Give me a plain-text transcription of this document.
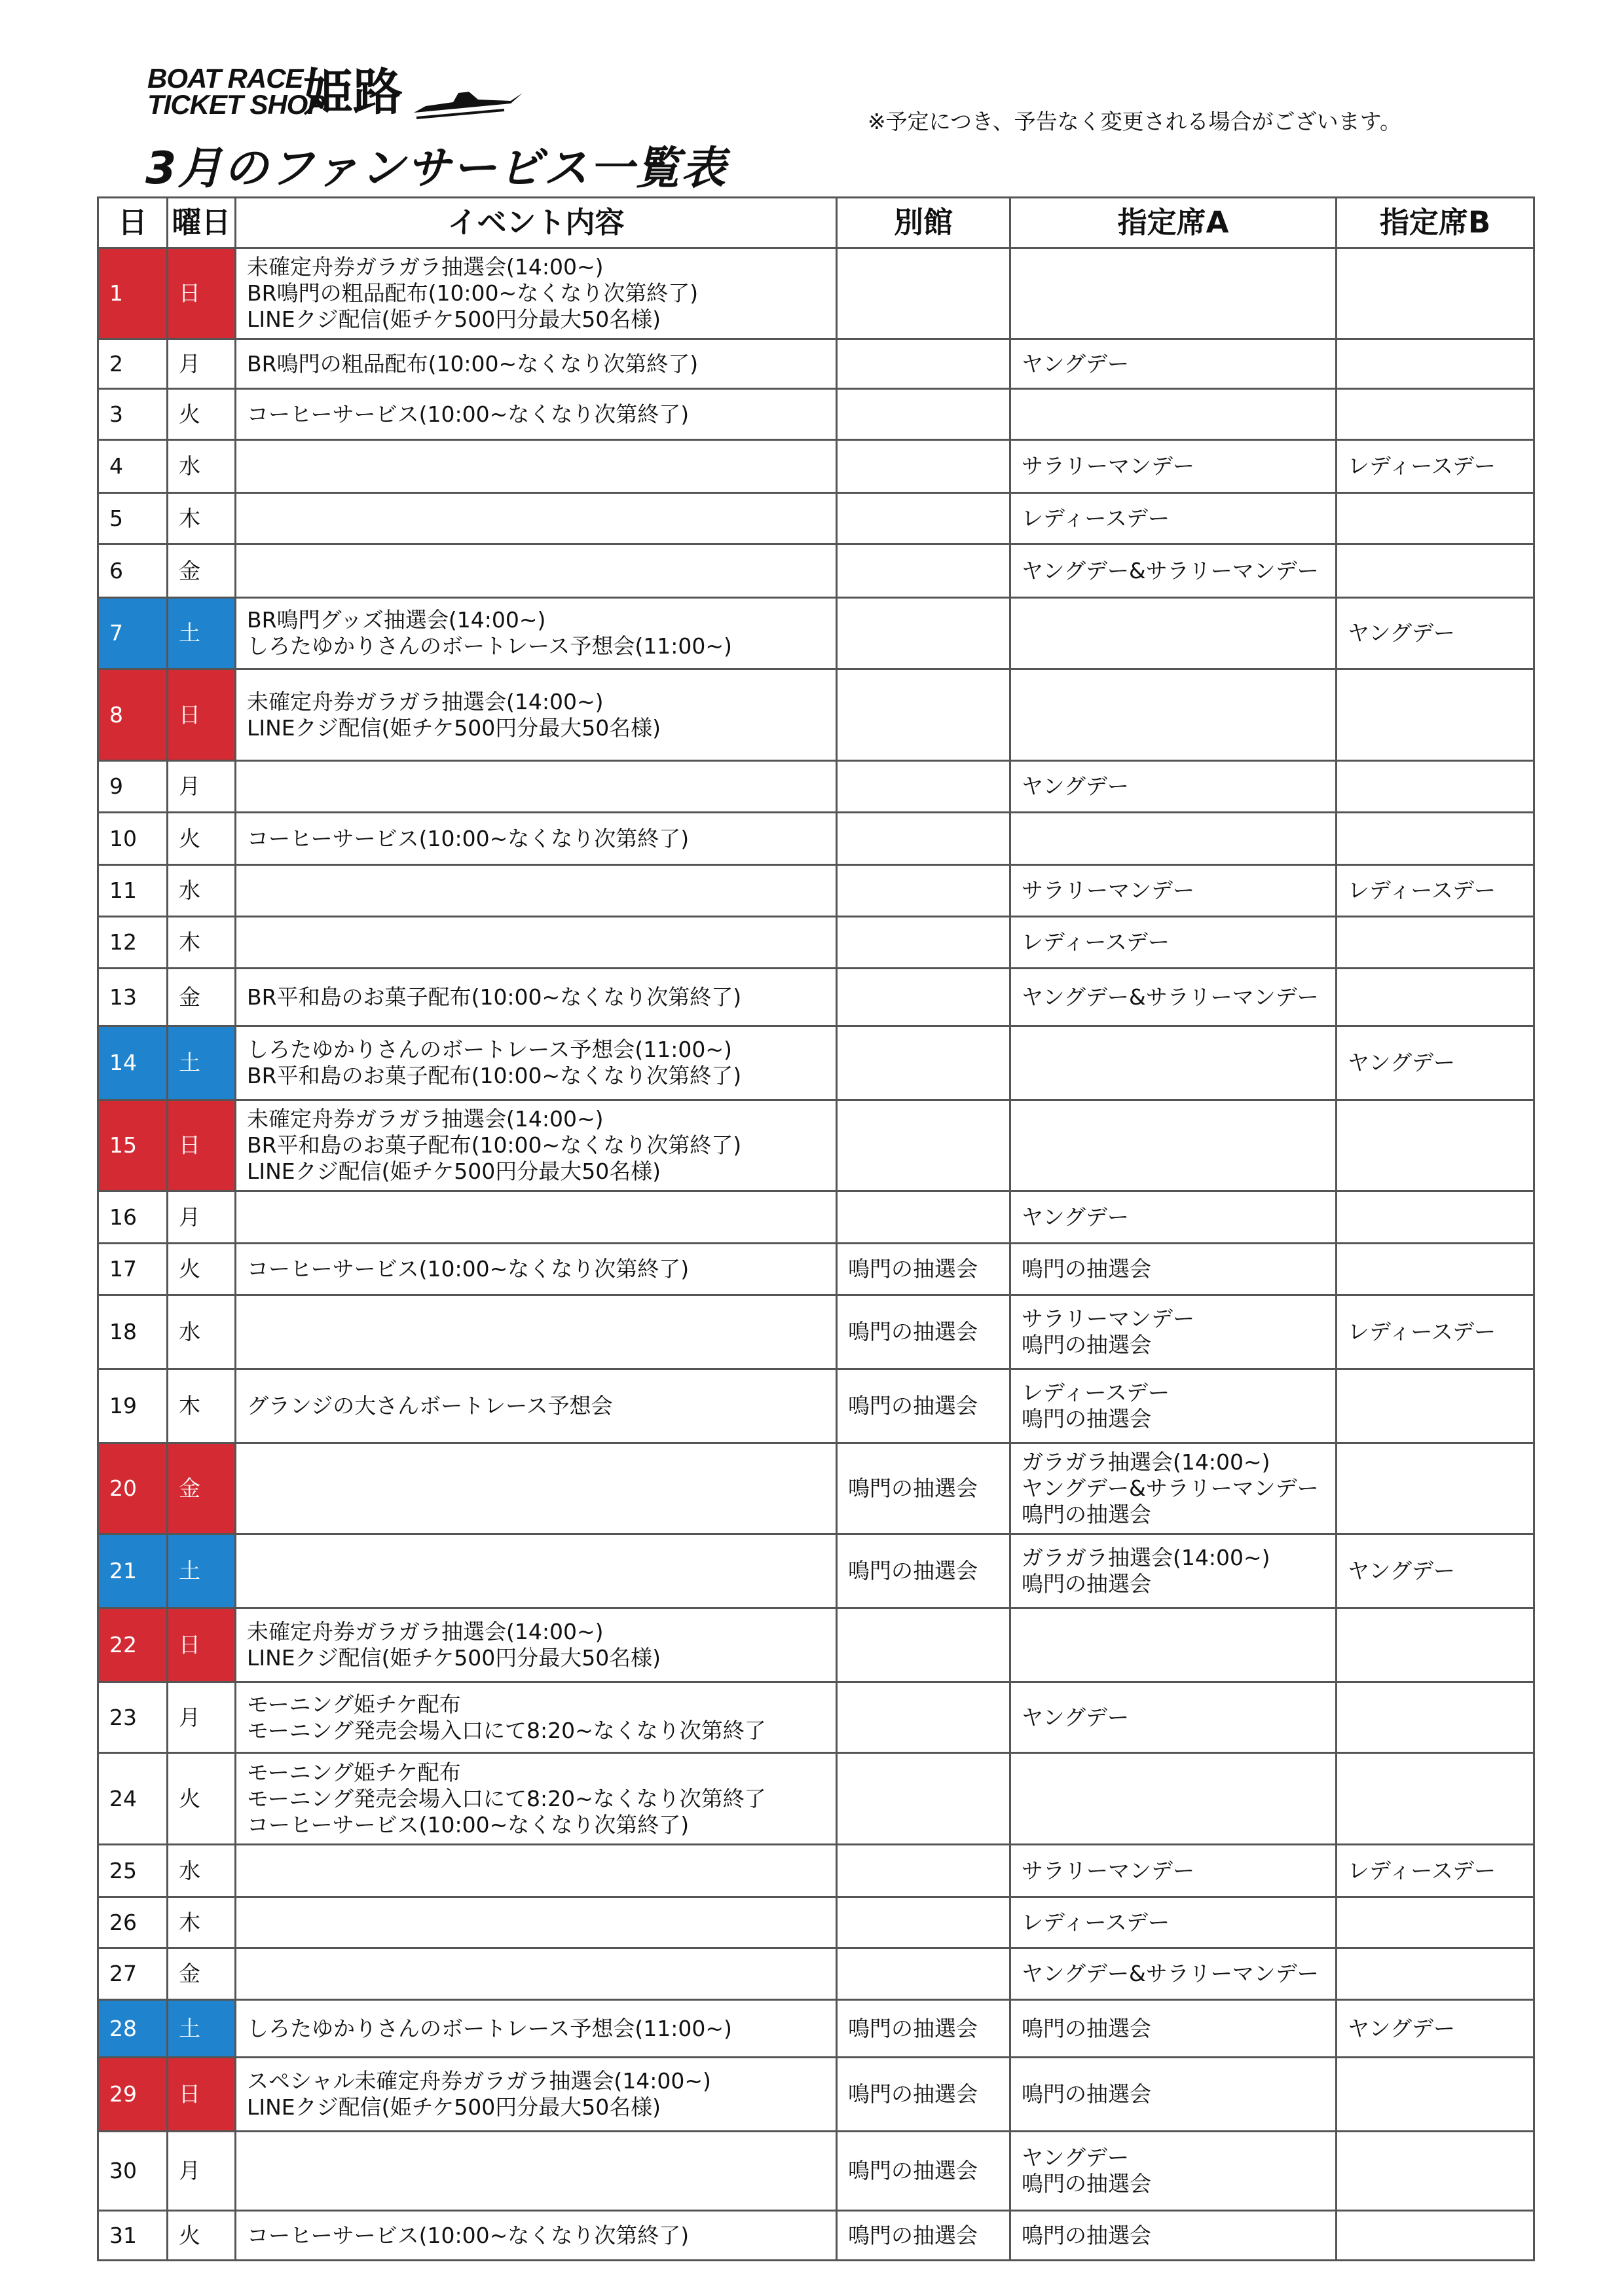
BOAT RACE
TICKET SHOP
姫路
※予定につき、予告なく変更される場合がございます。
3月のファンサービス一覧表
日	曜日	イベント内容	別館	指定席A	指定席B
1	日	未確定舟券ガラガラ抽選会(14:00~)
BR鳴門の粗品配布(10:00~なくなり次第終了)
LINEクジ配信(姫チケ500円分最大50名様)			

2	月	BR鳴門の粗品配布(10:00~なくなり次第終了)		ヤングデー	

3	火	コーヒーサービス(10:00~なくなり次第終了)			

4	水			サラリーマンデー	レディースデー

5	木			レディースデー	

6	金			ヤングデー&サラリーマンデー	

7	土	BR鳴門グッズ抽選会(14:00~)
しろたゆかりさんのボートレース予想会(11:00~)			ヤングデー

8	日	未確定舟券ガラガラ抽選会(14:00~)
LINEクジ配信(姫チケ500円分最大50名様)			

9	月			ヤングデー	

10	火	コーヒーサービス(10:00~なくなり次第終了)			

11	水			サラリーマンデー	レディースデー

12	木			レディースデー	

13	金	BR平和島のお菓子配布(10:00~なくなり次第終了)		ヤングデー&サラリーマンデー	

14	土	しろたゆかりさんのボートレース予想会(11:00~)
BR平和島のお菓子配布(10:00~なくなり次第終了)			ヤングデー

15	日	未確定舟券ガラガラ抽選会(14:00~)
BR平和島のお菓子配布(10:00~なくなり次第終了)
LINEクジ配信(姫チケ500円分最大50名様)			

16	月			ヤングデー	

17	火	コーヒーサービス(10:00~なくなり次第終了)	鳴門の抽選会	鳴門の抽選会	

18	水		鳴門の抽選会	サラリーマンデー
鳴門の抽選会	レディースデー

19	木	グランジの大さんボートレース予想会	鳴門の抽選会	レディースデー
鳴門の抽選会	

20	金		鳴門の抽選会	ガラガラ抽選会(14:00~)
ヤングデー&サラリーマンデー
鳴門の抽選会	

21	土		鳴門の抽選会	ガラガラ抽選会(14:00~)
鳴門の抽選会	ヤングデー

22	日	未確定舟券ガラガラ抽選会(14:00~)
LINEクジ配信(姫チケ500円分最大50名様)			

23	月	モーニング姫チケ配布
モーニング発売会場入口にて8:20~なくなり次第終了		ヤングデー	

24	火	モーニング姫チケ配布
モーニング発売会場入口にて8:20~なくなり次第終了
コーヒーサービス(10:00~なくなり次第終了)			

25	水			サラリーマンデー	レディースデー

26	木			レディースデー	

27	金			ヤングデー&サラリーマンデー	

28	土	しろたゆかりさんのボートレース予想会(11:00~)	鳴門の抽選会	鳴門の抽選会	ヤングデー

29	日	スペシャル未確定舟券ガラガラ抽選会(14:00~)
LINEクジ配信(姫チケ500円分最大50名様)	鳴門の抽選会	鳴門の抽選会	

30	月		鳴門の抽選会	ヤングデー
鳴門の抽選会	

31	火	コーヒーサービス(10:00~なくなり次第終了)	鳴門の抽選会	鳴門の抽選会	
